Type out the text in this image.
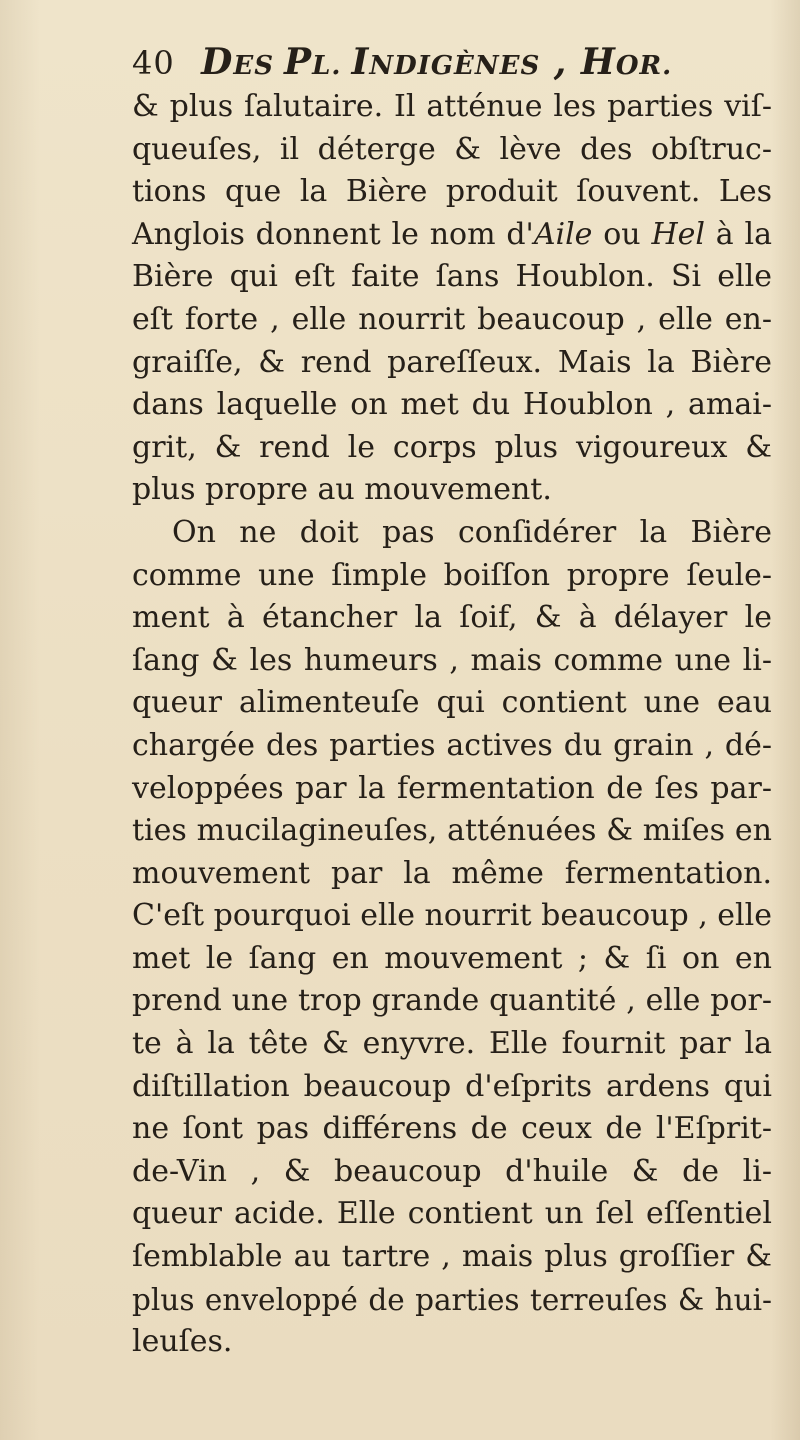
40 DES PL. INDIGÈNES , HOR.
& plus ſalutaire. Il atténue les parties viſ-
queuſes, il déterge & lève des obſtruc-
tions que la Bière produit ſouvent. Les
Anglois donnent le nom d'Aile ou Hel à la
Bière qui eſt faite ſans Houblon. Si elle
eſt forte , elle nourrit beaucoup , elle en-
graiſſe, & rend pareſſeux. Mais la Bière
dans laquelle on met du Houblon , amai-
grit, & rend le corps plus vigoureux &
plus propre au mouvement.
On ne doit pas conſidérer la Bière
comme une ſimple boiſſon propre ſeule-
ment à étancher la ſoif, & à délayer le
ſang & les humeurs , mais comme une li-
queur alimenteuſe qui contient une eau
chargée des parties actives du grain , dé-
veloppées par la fermentation de ſes par-
ties mucilagineuſes, atténuées & miſes en
mouvement par la même fermentation.
C'eſt pourquoi elle nourrit beaucoup , elle
met le ſang en mouvement ; & ſi on en
prend une trop grande quantité , elle por-
te à la tête & enyvre. Elle fournit par la
diſtillation beaucoup d'eſprits ardens qui
ne ſont pas différens de ceux de l'Eſprit-
de-Vin , & beaucoup d'huile & de li-
queur acide. Elle contient un ſel eſſentiel
ſemblable au tartre , mais plus groſſier &
plus enveloppé de parties terreuſes & hui-
leuſes.
